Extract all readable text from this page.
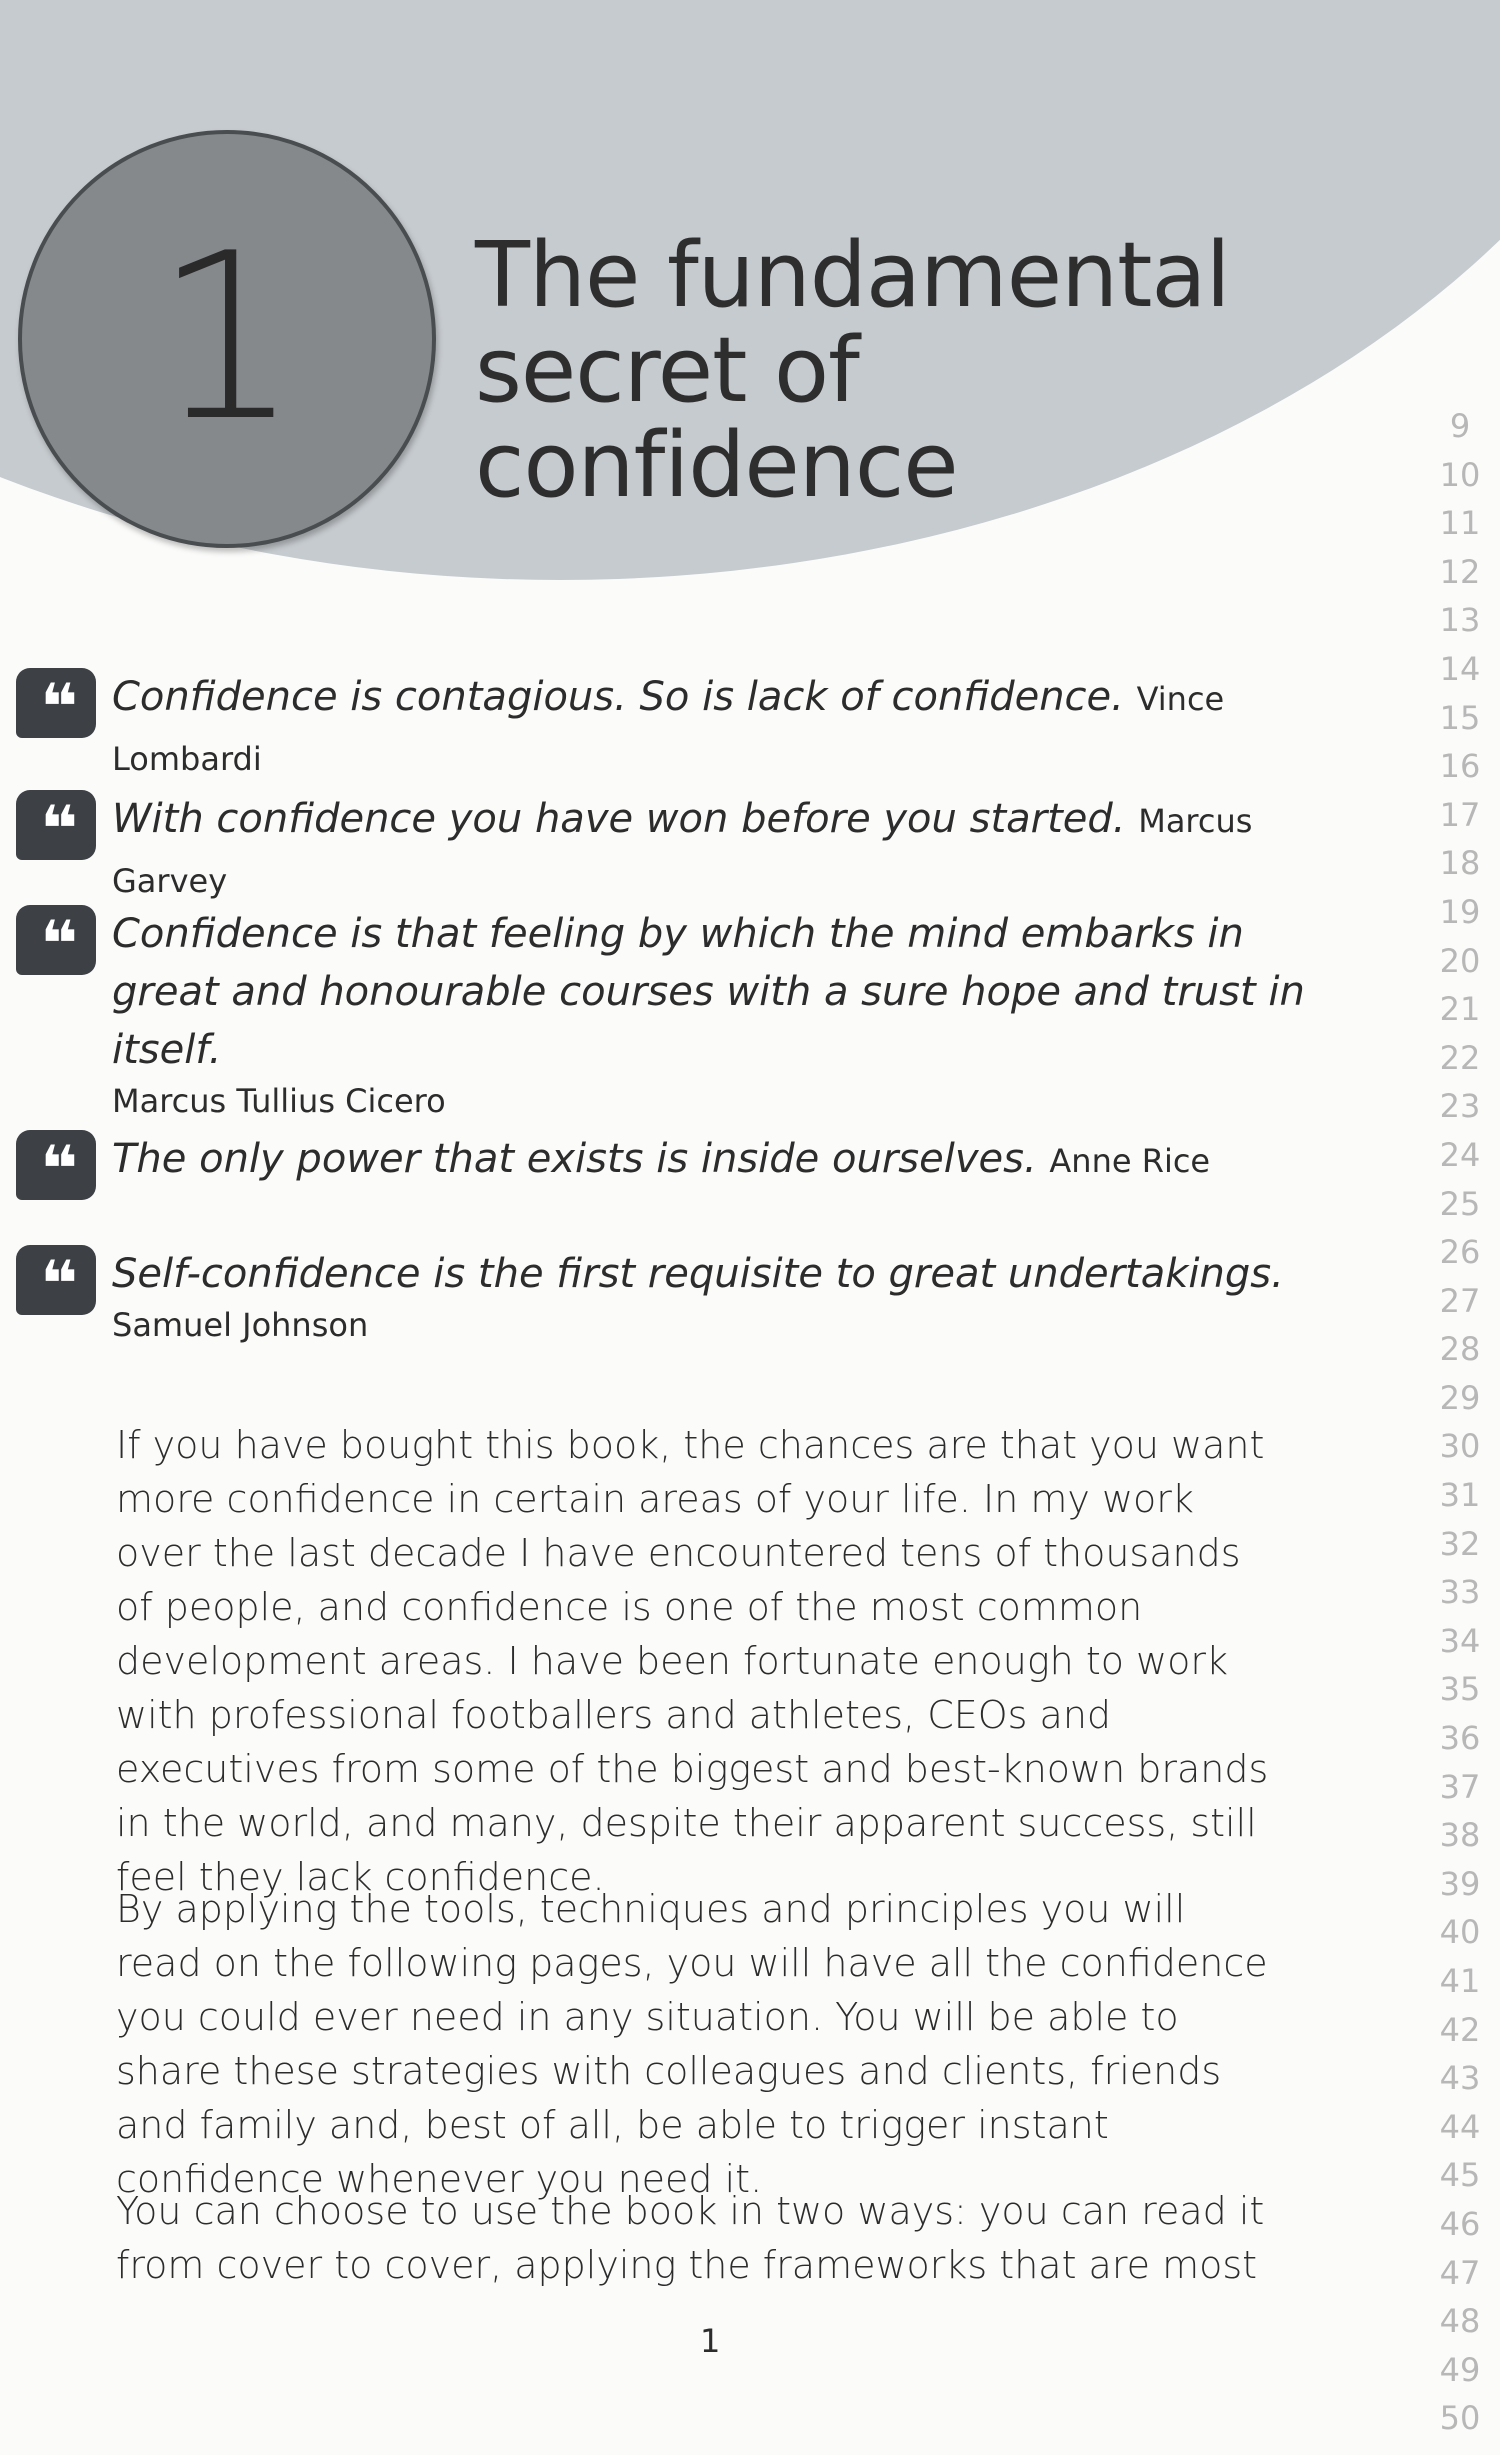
1	The fundamental secret of confidence	9
10
11
12
13
14
15
16
17
18
19
20
21
22
23
24
25
26
27
28
29
30
31
32
33
34
35
36
37
38
39
40
41
42
43
44
45
46
47
48
49
50
❝	Confidence is contagious. So is lack of confidence. Vince Lombardi
❝	With confidence you have won before you started. Marcus Garvey
❝	Confidence is that feeling by which the mind embarks in great and honourable courses with a sure hope and trust in itself.
Marcus Tullius Cicero
❝	The only power that exists is inside ourselves. Anne Rice
❝	Self-confidence is the first requisite to great undertakings.
Samuel Johnson

If you have bought this book, the chances are that you want more confidence in certain areas of your life. In my work over the last decade I have encountered tens of thousands of people, and confidence is one of the most common development areas. I have been fortunate enough to work with professional footballers and athletes, CEOs and executives from some of the biggest and best-known brands in the world, and many, despite their apparent success, still feel they lack confidence.

By applying the tools, techniques and principles you will read on the following pages, you will have all the confidence you could ever need in any situation. You will be able to share these strategies with colleagues and clients, friends and family and, best of all, be able to trigger instant confidence whenever you need it.

You can choose to use the book in two ways: you can read it from cover to cover, applying the frameworks that are most

1
